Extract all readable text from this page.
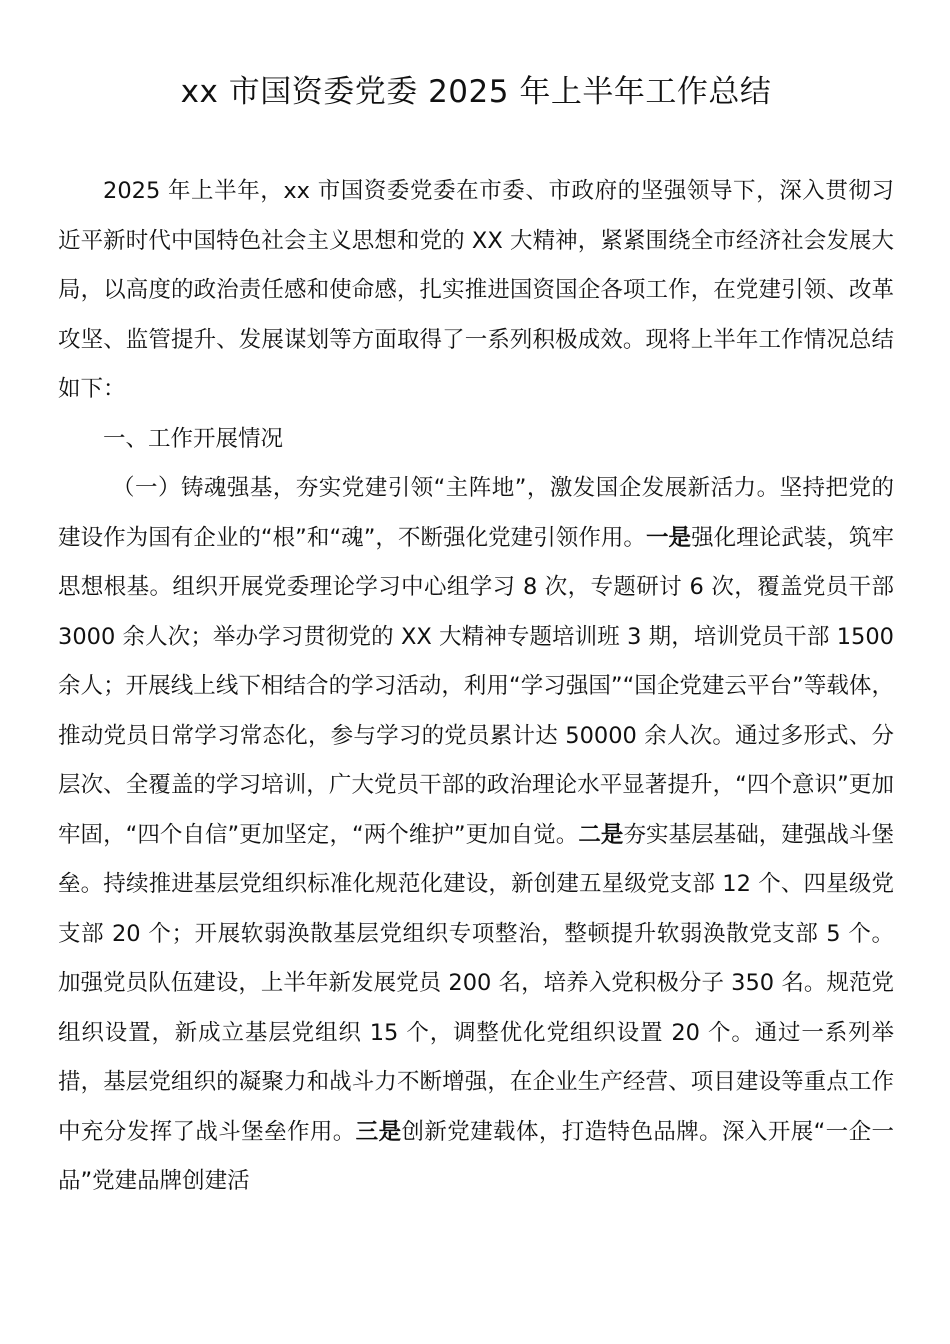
xx 市国资委党委 2025 年上半年工作总结

2025 年上半年，xx 市国资委党委在市委、市政府的坚强领导下，深入贯彻习近平新时代中国特色社会主义思想和党的 XX 大精神，紧紧围绕全市经济社会发展大局，以高度的政治责任感和使命感，扎实推进国资国企各项工作，在党建引领、改革攻坚、监管提升、发展谋划等方面取得了一系列积极成效。现将上半年工作情况总结如下：

一、工作开展情况

（一）铸魂强基，夯实党建引领“主阵地”，激发国企发展新活力。坚持把党的建设作为国有企业的“根”和“魂”，不断强化党建引领作用。一是强化理论武装，筑牢思想根基。组织开展党委理论学习中心组学习 8 次，专题研讨 6 次，覆盖党员干部 3000 余人次；举办学习贯彻党的 XX 大精神专题培训班 3 期，培训党员干部 1500 余人；开展线上线下相结合的学习活动，利用“学习强国”“国企党建云平台”等载体，推动党员日常学习常态化，参与学习的党员累计达 50000 余人次。通过多形式、分层次、全覆盖的学习培训，广大党员干部的政治理论水平显著提升，“四个意识”更加牢固，“四个自信”更加坚定，“两个维护”更加自觉。二是夯实基层基础，建强战斗堡垒。持续推进基层党组织标准化规范化建设，新创建五星级党支部 12 个、四星级党支部 20 个；开展软弱涣散基层党组织专项整治，整顿提升软弱涣散党支部 5 个。加强党员队伍建设，上半年新发展党员 200 名，培养入党积极分子 350 名。规范党组织设置，新成立基层党组织 15 个，调整优化党组织设置 20 个。通过一系列举措，基层党组织的凝聚力和战斗力不断增强，在企业生产经营、项目建设等重点工作中充分发挥了战斗堡垒作用。三是创新党建载体，打造特色品牌。深入开展“一企一品”党建品牌创建活
